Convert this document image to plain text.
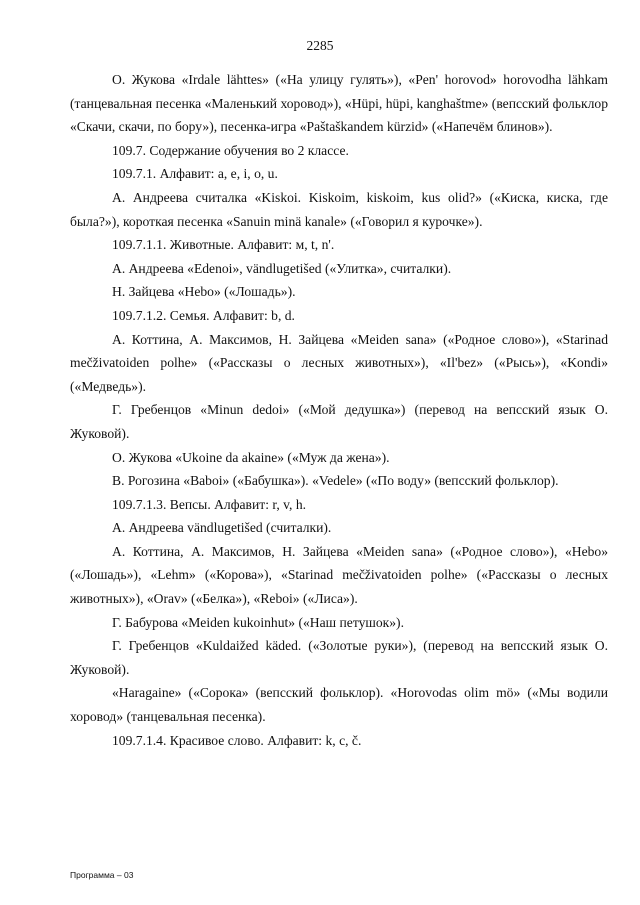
2285

О. Жукова «Irdale lähttes» («На улицу гулять»), «Pen' horovod» horovodha lähkam (танцевальная песенка «Маленький хоровод»), «Hüpi, hüpi, kanghaštme» (вепсский фольклор «Скачи, скачи, по бору»), песенка-игра «Paštaškandem kürzid» («Напечём блинов»).

109.7. Содержание обучения во 2 классе.

109.7.1. Алфавит: a, e, i, o, u.

А. Андреева считалка «Kiskoi. Kiskoim, kiskoim, kus olid?» («Киска, киска, где была?»), короткая песенка «Sanuin minä kanale» («Говорил я курочке»).

109.7.1.1. Животные. Алфавит: м, t, n'.

А. Андреева «Edenoi», vändlugetišed («Улитка», считалки).

Н. Зайцева «Hebo» («Лошадь»).

109.7.1.2. Семья. Алфавит: b, d.

А. Коттина, А. Максимов, Н. Зайцева «Meiden sana» («Родное слово»), «Starinad mečživatoiden polhe» («Рассказы о лесных животных»), «Il'bez» («Рысь»), «Kondi» («Медведь»).

Г. Гребенцов «Minun dedoi» («Мой дедушка») (перевод на вепсский язык О. Жуковой).

О. Жукова «Ukoine da akaine» («Муж да жена»).

В. Рогозина «Baboi» («Бабушка»). «Vedele» («По воду» (вепсский фольклор).

109.7.1.3. Вепсы. Алфавит: r, v, h.

А. Андреева vändlugetišed (считалки).

А. Коттина, А. Максимов, Н. Зайцева «Meiden sana» («Родное слово»), «Hebo» («Лошадь»), «Lehm» («Корова»), «Starinad mečživatoiden polhe» («Рассказы о лесных животных»), «Orav» («Белка»), «Reboi» («Лиса»).

Г. Бабурова «Meiden kukoinhut» («Наш петушок»).

Г. Гребенцов «Kuldaižed käded. («Золотые руки»), (перевод на вепсский язык О. Жуковой).

«Haragaine» («Сорока» (вепсский фольклор). «Horovodas olim mö» («Мы водили хоровод» (танцевальная песенка).

109.7.1.4. Красивое слово. Алфавит: k, c, č.

Программа – 03
